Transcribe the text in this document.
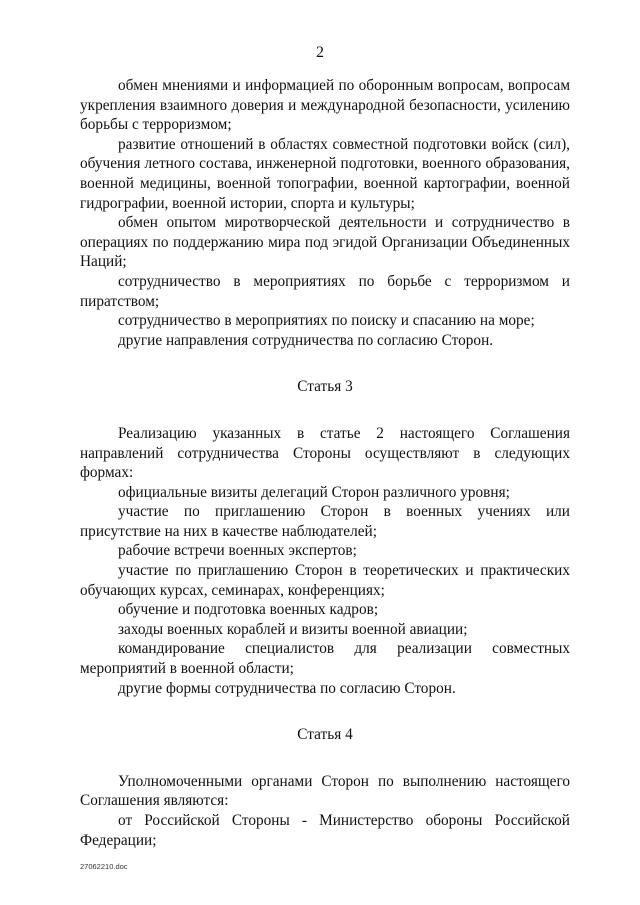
2

обмен мнениями и информацией по оборонным вопросам, вопросам укрепления взаимного доверия и международной безопасности, усилению борьбы с терроризмом;

развитие отношений в областях совместной подготовки войск (сил), обучения летного состава, инженерной подготовки, военного образования, военной медицины, военной топографии, военной картографии, военной гидрографии, военной истории, спорта и культуры;

обмен опытом миротворческой деятельности и сотрудничество в операциях по поддержанию мира под эгидой Организации Объединенных Наций;

сотрудничество в мероприятиях по борьбе с терроризмом и пиратством;

сотрудничество в мероприятиях по поиску и спасанию на море;

другие направления сотрудничества по согласию Сторон.

Статья 3

Реализацию указанных в статье 2 настоящего Соглашения направлений сотрудничества Стороны осуществляют в следующих формах:

официальные визиты делегаций Сторон различного уровня;

участие по приглашению Сторон в военных учениях или присутствие на них в качестве наблюдателей;

рабочие встречи военных экспертов;

участие по приглашению Сторон в теоретических и практических обучающих курсах, семинарах, конференциях;

обучение и подготовка военных кадров;

заходы военных кораблей и визиты военной авиации;

командирование специалистов для реализации совместных мероприятий в военной области;

другие формы сотрудничества по согласию Сторон.

Статья 4

Уполномоченными органами Сторон по выполнению настоящего Соглашения являются:

от Российской Стороны - Министерство обороны Российской Федерации;

27062210.doc
